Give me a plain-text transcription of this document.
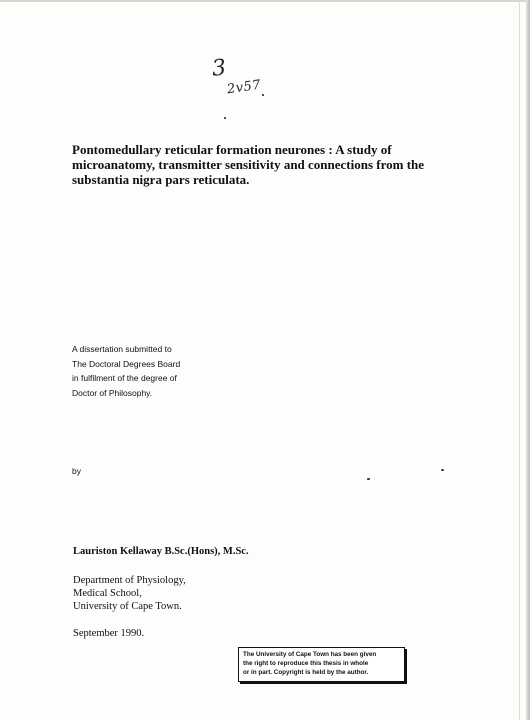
3
2v57
Pontomedullary reticular formation neurones : A study of microanatomy, transmitter sensitivity and connections from the substantia nigra pars reticulata.
A dissertation submitted to
The Doctoral Degrees Board
in fulfilment of the degree of
Doctor of Philosophy.
by
Lauriston Kellaway B.Sc.(Hons), M.Sc.
Department of Physiology,
Medical School,
University of Cape Town.
September 1990.
The University of Cape Town has been given
the right to reproduce this thesis in whole
or in part. Copyright is held by the author.
